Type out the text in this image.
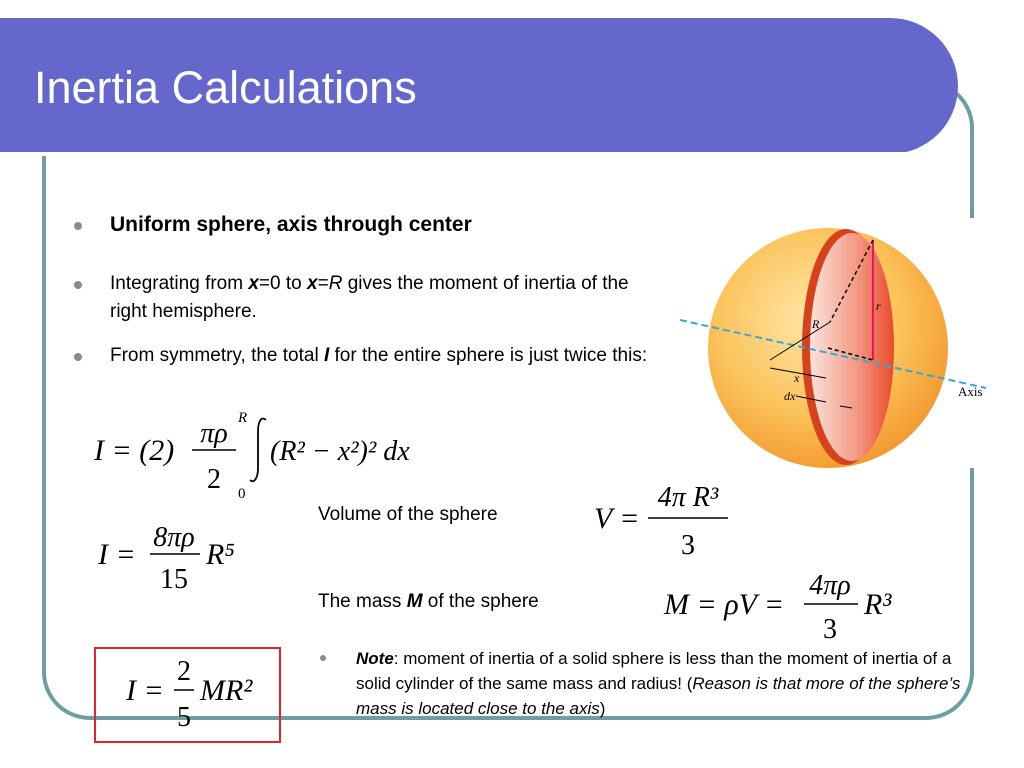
Inertia Calculations
Uniform sphere, axis through center
Integrating from x=0 to x=R gives the moment of inertia of the right hemisphere.
From symmetry, the total I for the entire sphere is just twice this:
I = (2)
πρ
2
R
0
(R² − x²)² dx
I =
8πρ
15
R⁵
Volume of the sphere	V =
4π R³
3
The mass M of the sphere	M = ρV =
4πρ
3
R³
I =
2
5
MR²
Note: moment of inertia of a solid sphere is less than the moment of inertia of a solid cylinder of the same mass and radius! (Reason is that more of the sphere’s mass is located close to the axis)
R
r
x
dx	Axis
